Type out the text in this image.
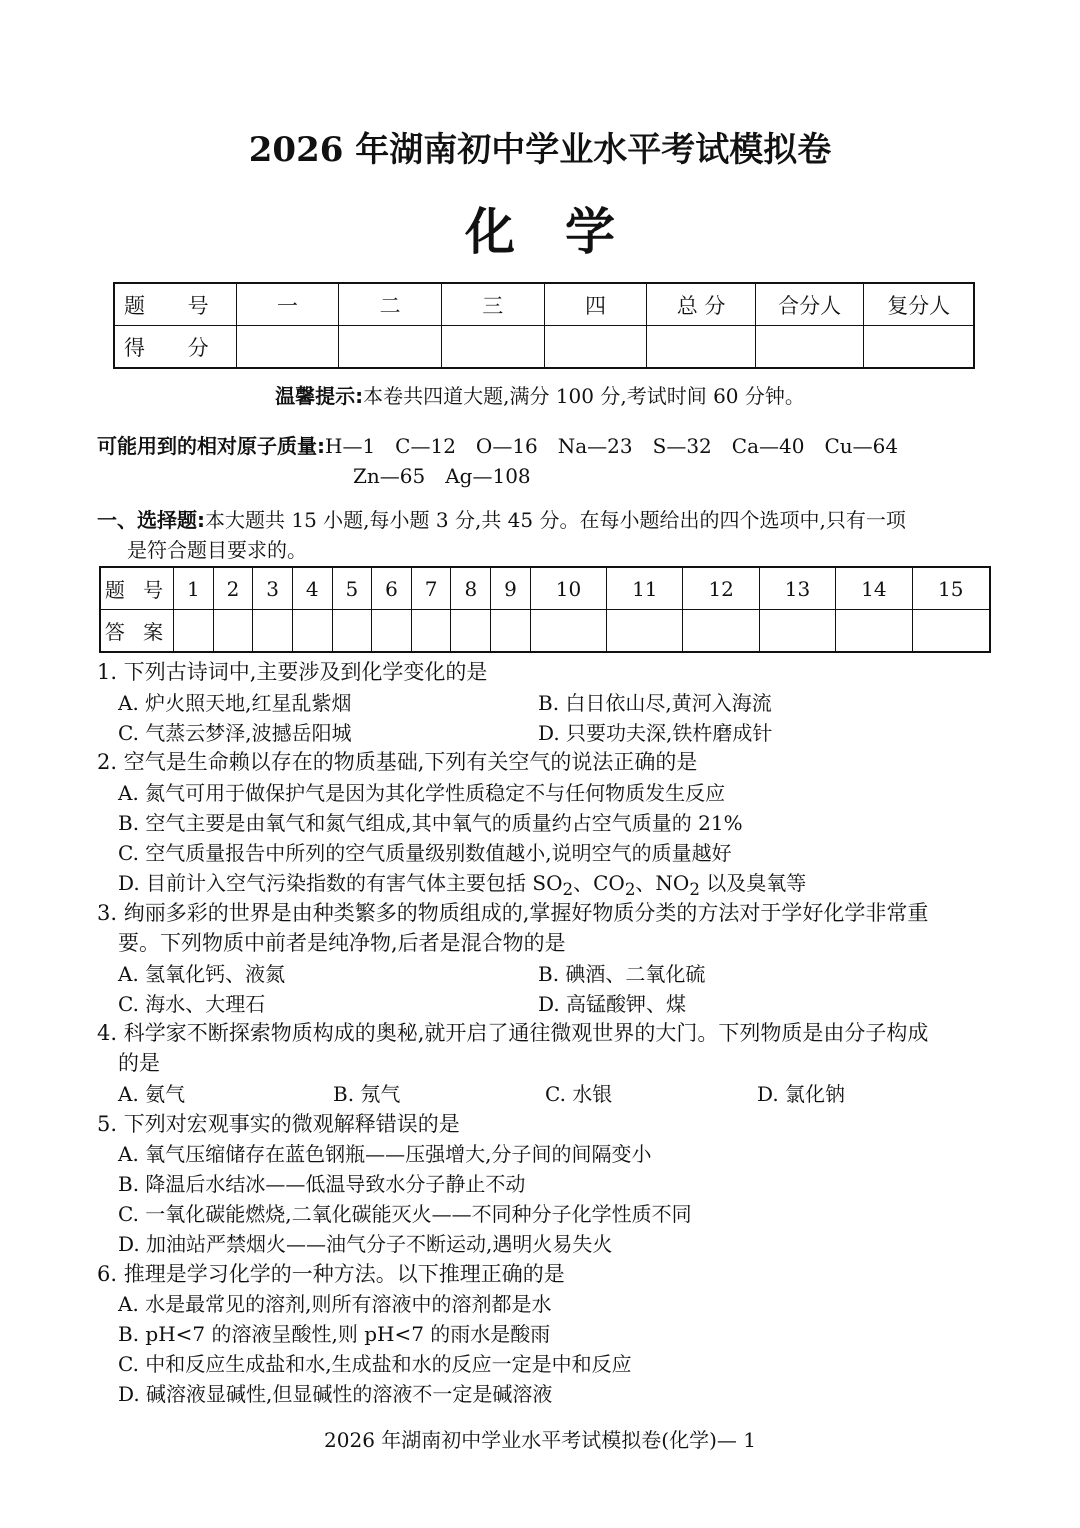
2026 年湖南初中学业水平考试模拟卷
化学
题 号	一	二	三	四	总 分	合分人	复分人
得 分							
温馨提示:本卷共四道大题,满分 100 分,考试时间 60 分钟。
可能用到的相对原子质量:H—1　C—12　O—16　Na—23　S—32　Ca—40　Cu—64
Zn—65　Ag—108
一、选择题:本大题共 15 小题,每小题 3 分,共 45 分。在每小题给出的四个选项中,只有一项
是符合题目要求的。
题 号	1	2	3	4	5	6	7	8	9	10	11	12	13	14	15
答 案															
1. 下列古诗词中,主要涉及到化学变化的是
A. 炉火照天地,红星乱紫烟	B. 白日依山尽,黄河入海流
C. 气蒸云梦泽,波撼岳阳城	D. 只要功夫深,铁杵磨成针
2. 空气是生命赖以存在的物质基础,下列有关空气的说法正确的是
A. 氮气可用于做保护气是因为其化学性质稳定不与任何物质发生反应
B. 空气主要是由氧气和氮气组成,其中氧气的质量约占空气质量的 21%
C. 空气质量报告中所列的空气质量级别数值越小,说明空气的质量越好
D. 目前计入空气污染指数的有害气体主要包括 $SO_2$、$CO_2$、$NO_2$ 以及臭氧等
3. 绚丽多彩的世界是由种类繁多的物质组成的,掌握好物质分类的方法对于学好化学非常重
要。下列物质中前者是纯净物,后者是混合物的是
A. 氢氧化钙、液氮	B. 碘酒、二氧化硫
C. 海水、大理石	D. 高锰酸钾、煤
4. 科学家不断探索物质构成的奥秘,就开启了通往微观世界的大门。下列物质是由分子构成
的是
A. 氨气	B. 氖气	C. 水银	D. 氯化钠
5. 下列对宏观事实的微观解释错误的是
A. 氧气压缩储存在蓝色钢瓶——压强增大,分子间的间隔变小
B. 降温后水结冰——低温导致水分子静止不动
C. 一氧化碳能燃烧,二氧化碳能灭火——不同种分子化学性质不同
D. 加油站严禁烟火——油气分子不断运动,遇明火易失火
6. 推理是学习化学的一种方法。以下推理正确的是
A. 水是最常见的溶剂,则所有溶液中的溶剂都是水
B. pH<7 的溶液呈酸性,则 pH<7 的雨水是酸雨
C. 中和反应生成盐和水,生成盐和水的反应一定是中和反应
D. 碱溶液显碱性,但显碱性的溶液不一定是碱溶液
2026 年湖南初中学业水平考试模拟卷(化学)— 1
